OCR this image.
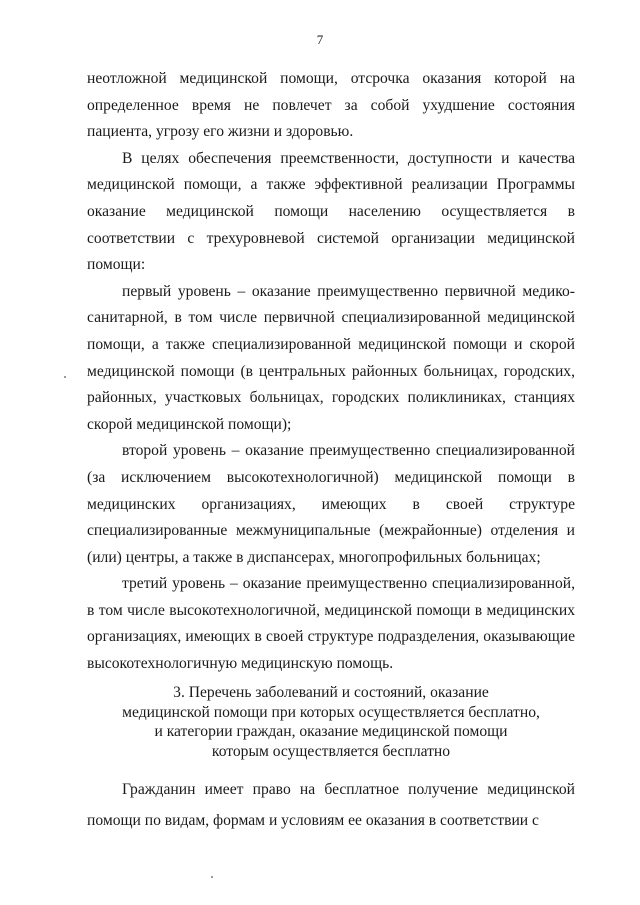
7

неотложной медицинской помощи, отсрочка оказания которой на определенное время не повлечет за собой ухудшение состояния пациента, угрозу его жизни и здоровью.

В целях обеспечения преемственности, доступности и качества медицинской помощи, а также эффективной реализации Программы оказание медицинской помощи населению осуществляется в соответствии с трехуровневой системой организации медицинской помощи:

первый уровень – оказание преимущественно первичной медико-санитарной, в том числе первичной специализированной медицинской помощи, а также специализированной медицинской помощи и скорой медицинской помощи (в центральных районных больницах, городских, районных, участковых больницах, городских поликлиниках, станциях скорой медицинской помощи);

второй уровень – оказание преимущественно специализированной (за исключением высокотехнологичной) медицинской помощи в медицинских организациях, имеющих в своей структуре специализированные межмуниципальные (межрайонные) отделения и (или) центры, а также в диспансерах, многопрофильных больницах;

третий уровень – оказание преимущественно специализированной, в том числе высокотехнологичной, медицинской помощи в медицинских организациях, имеющих в своей структуре подразделения, оказывающие высокотехнологичную медицинскую помощь.

3. Перечень заболеваний и состояний, оказание
медицинской помощи при которых осуществляется бесплатно,
и категории граждан, оказание медицинской помощи
которым осуществляется бесплатно

Гражданин имеет право на бесплатное получение медицинской помощи по видам, формам и условиям ее оказания в соответствии с
